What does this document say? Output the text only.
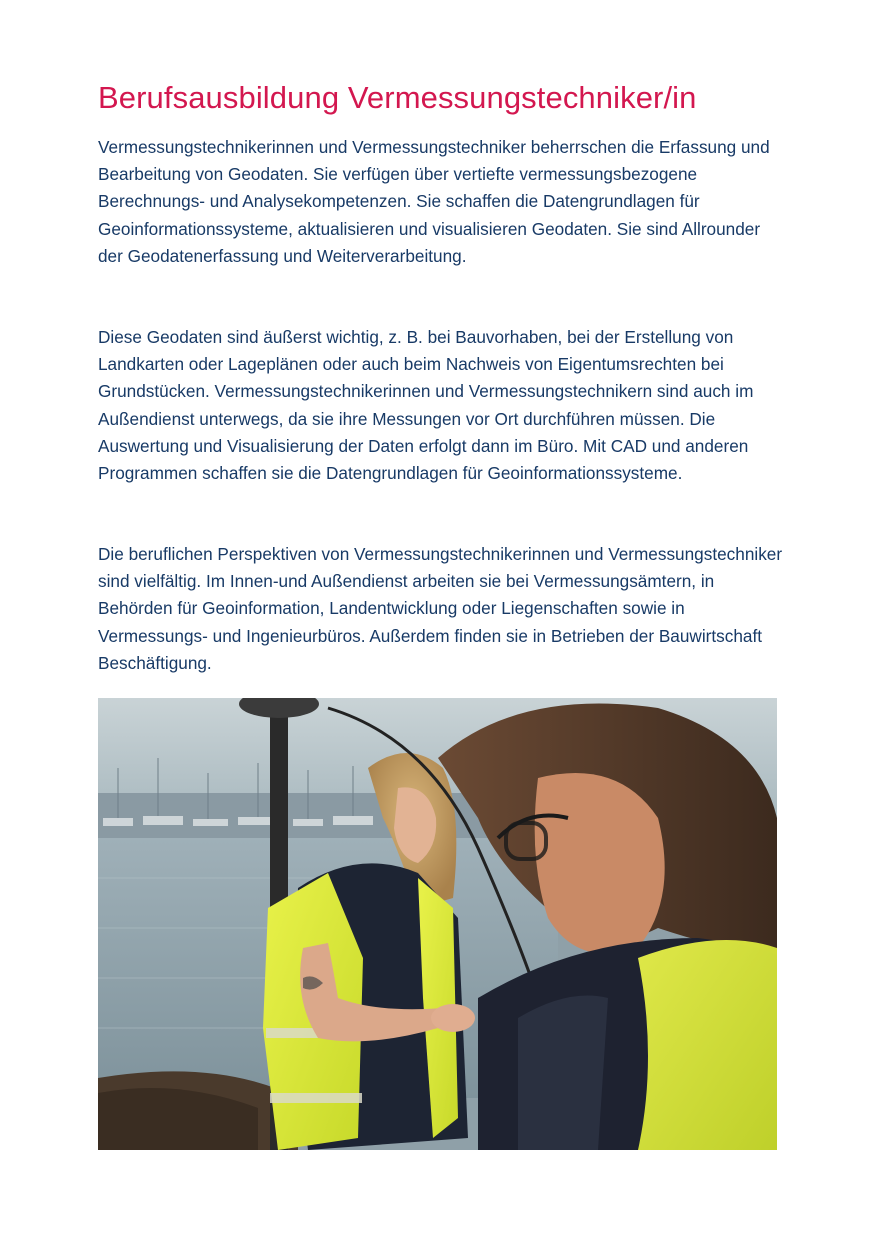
Berufsausbildung Vermessungstechniker/in

Vermessungstechnikerinnen und Vermessungstechniker beherrschen die Erfassung und Bearbeitung von Geodaten. Sie verfügen über vertiefte vermessungsbezogene Berechnungs- und Analysekompetenzen. Sie schaffen die Datengrundlagen für Geoinformationssysteme, aktualisieren und visualisieren Geodaten. Sie sind Allrounder der Geodatenerfassung und Weiterverarbeitung.

Diese Geodaten sind äußerst wichtig, z. B. bei Bauvorhaben, bei der Erstellung von Landkarten oder Lageplänen oder auch beim Nachweis von Eigentumsrechten bei Grundstücken. Vermessungstechnikerinnen und Vermessungstechnikern sind auch im Außendienst unterwegs, da sie ihre Messungen vor Ort durchführen müssen. Die Auswertung und Visualisierung der Daten erfolgt dann im Büro. Mit CAD und anderen Programmen schaffen sie die Datengrundlagen für Geoinformationssysteme.

Die beruflichen Perspektiven von Vermessungstechnikerinnen und Vermessungstechniker sind vielfältig. Im Innen-und Außendienst arbeiten sie bei Vermessungsämtern, in Behörden für Geoinformation, Landentwicklung oder Liegenschaften sowie in Vermessungs- und Ingenieurbüros. Außerdem finden sie in Betrieben der Bauwirtschaft Beschäftigung.
